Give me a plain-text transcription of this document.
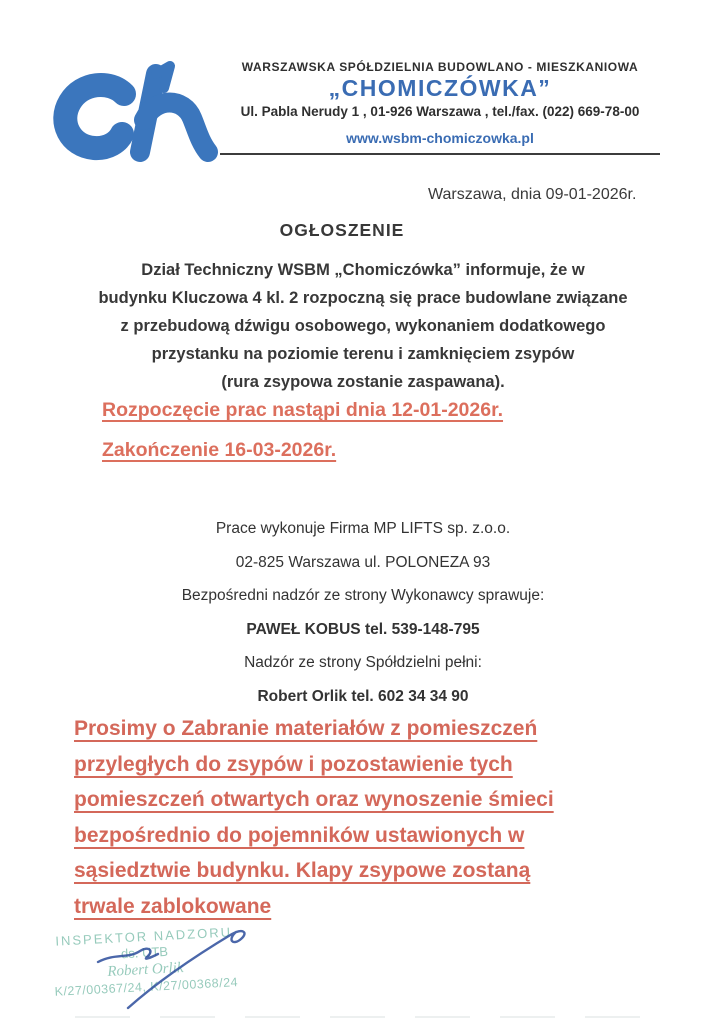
WARSZAWSKA SPÓŁDZIELNIA BUDOWLANO - MIESZKANIOWA
„CHOMICZÓWKA”
Ul. Pabla Nerudy 1 , 01-926 Warszawa , tel./fax. (022) 669-78-00
www.wsbm-chomiczowka.pl
Warszawa, dnia 09-01-2026r.
OGŁOSZENIE
Dział Techniczny WSBM „Chomiczówka” informuje, że w
budynku Kluczowa 4 kl. 2 rozpoczną się prace budowlane związane
z przebudową dźwigu osobowego, wykonaniem dodatkowego
przystanku na poziomie terenu i zamknięciem zsypów
(rura zsypowa zostanie zaspawana).
Rozpoczęcie prac nastąpi dnia 12-01-2026r.
Zakończenie 16-03-2026r.
Prace wykonuje Firma MP LIFTS sp. z.o.o.
02-825 Warszawa ul. POLONEZA 93
Bezpośredni nadzór ze strony Wykonawcy sprawuje:
PAWEŁ KOBUS tel. 539-148-795
Nadzór ze strony Spółdzielni pełni:
Robert Orlik tel. 602 34 34 90
Prosimy o Zabranie materiałów z pomieszczeń
przyległych do zsypów i pozostawienie tych
pomieszczeń otwartych oraz wynoszenie śmieci
bezpośrednio do pojemników ustawionych w
sąsiedztwie budynku. Klapy zsypowe zostaną
trwale zablokowane
INSPEKTOR NADZORU
ds. UTB
Robert Orlik
K/27/00367/24, K/27/00368/24
